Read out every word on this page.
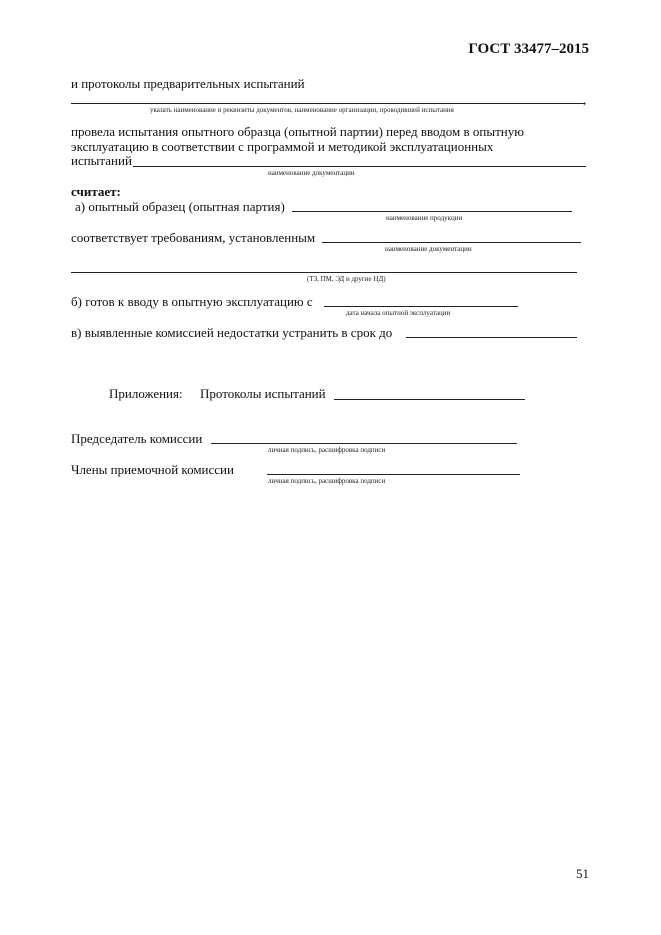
ГОСТ 33477–2015
и протоколы предварительных испытаний
,
указать наименование и реквизиты документов, наименование организации, проводившей испытания
провела испытания опытного образца (опытной партии) перед вводом в опытную
эксплуатацию в соответствии с программой и методикой эксплуатационных
испытаний
наименование документации
считает:
а) опытный образец (опытная партия)
наименование продукции
соответствует требованиям, установленным
наименование документации
(ТЗ, ПМ, ЭД и другие НД)
б) готов к вводу в опытную эксплуатацию с
дата начала опытной эксплуатации
в) выявленные комиссией недостатки устранить в срок до
Приложения: Протоколы испытаний
Председатель комиссии
личная подпись, расшифровка подписи
Члены приемочной комиссии
личная подпись, расшифровка подписи
51
